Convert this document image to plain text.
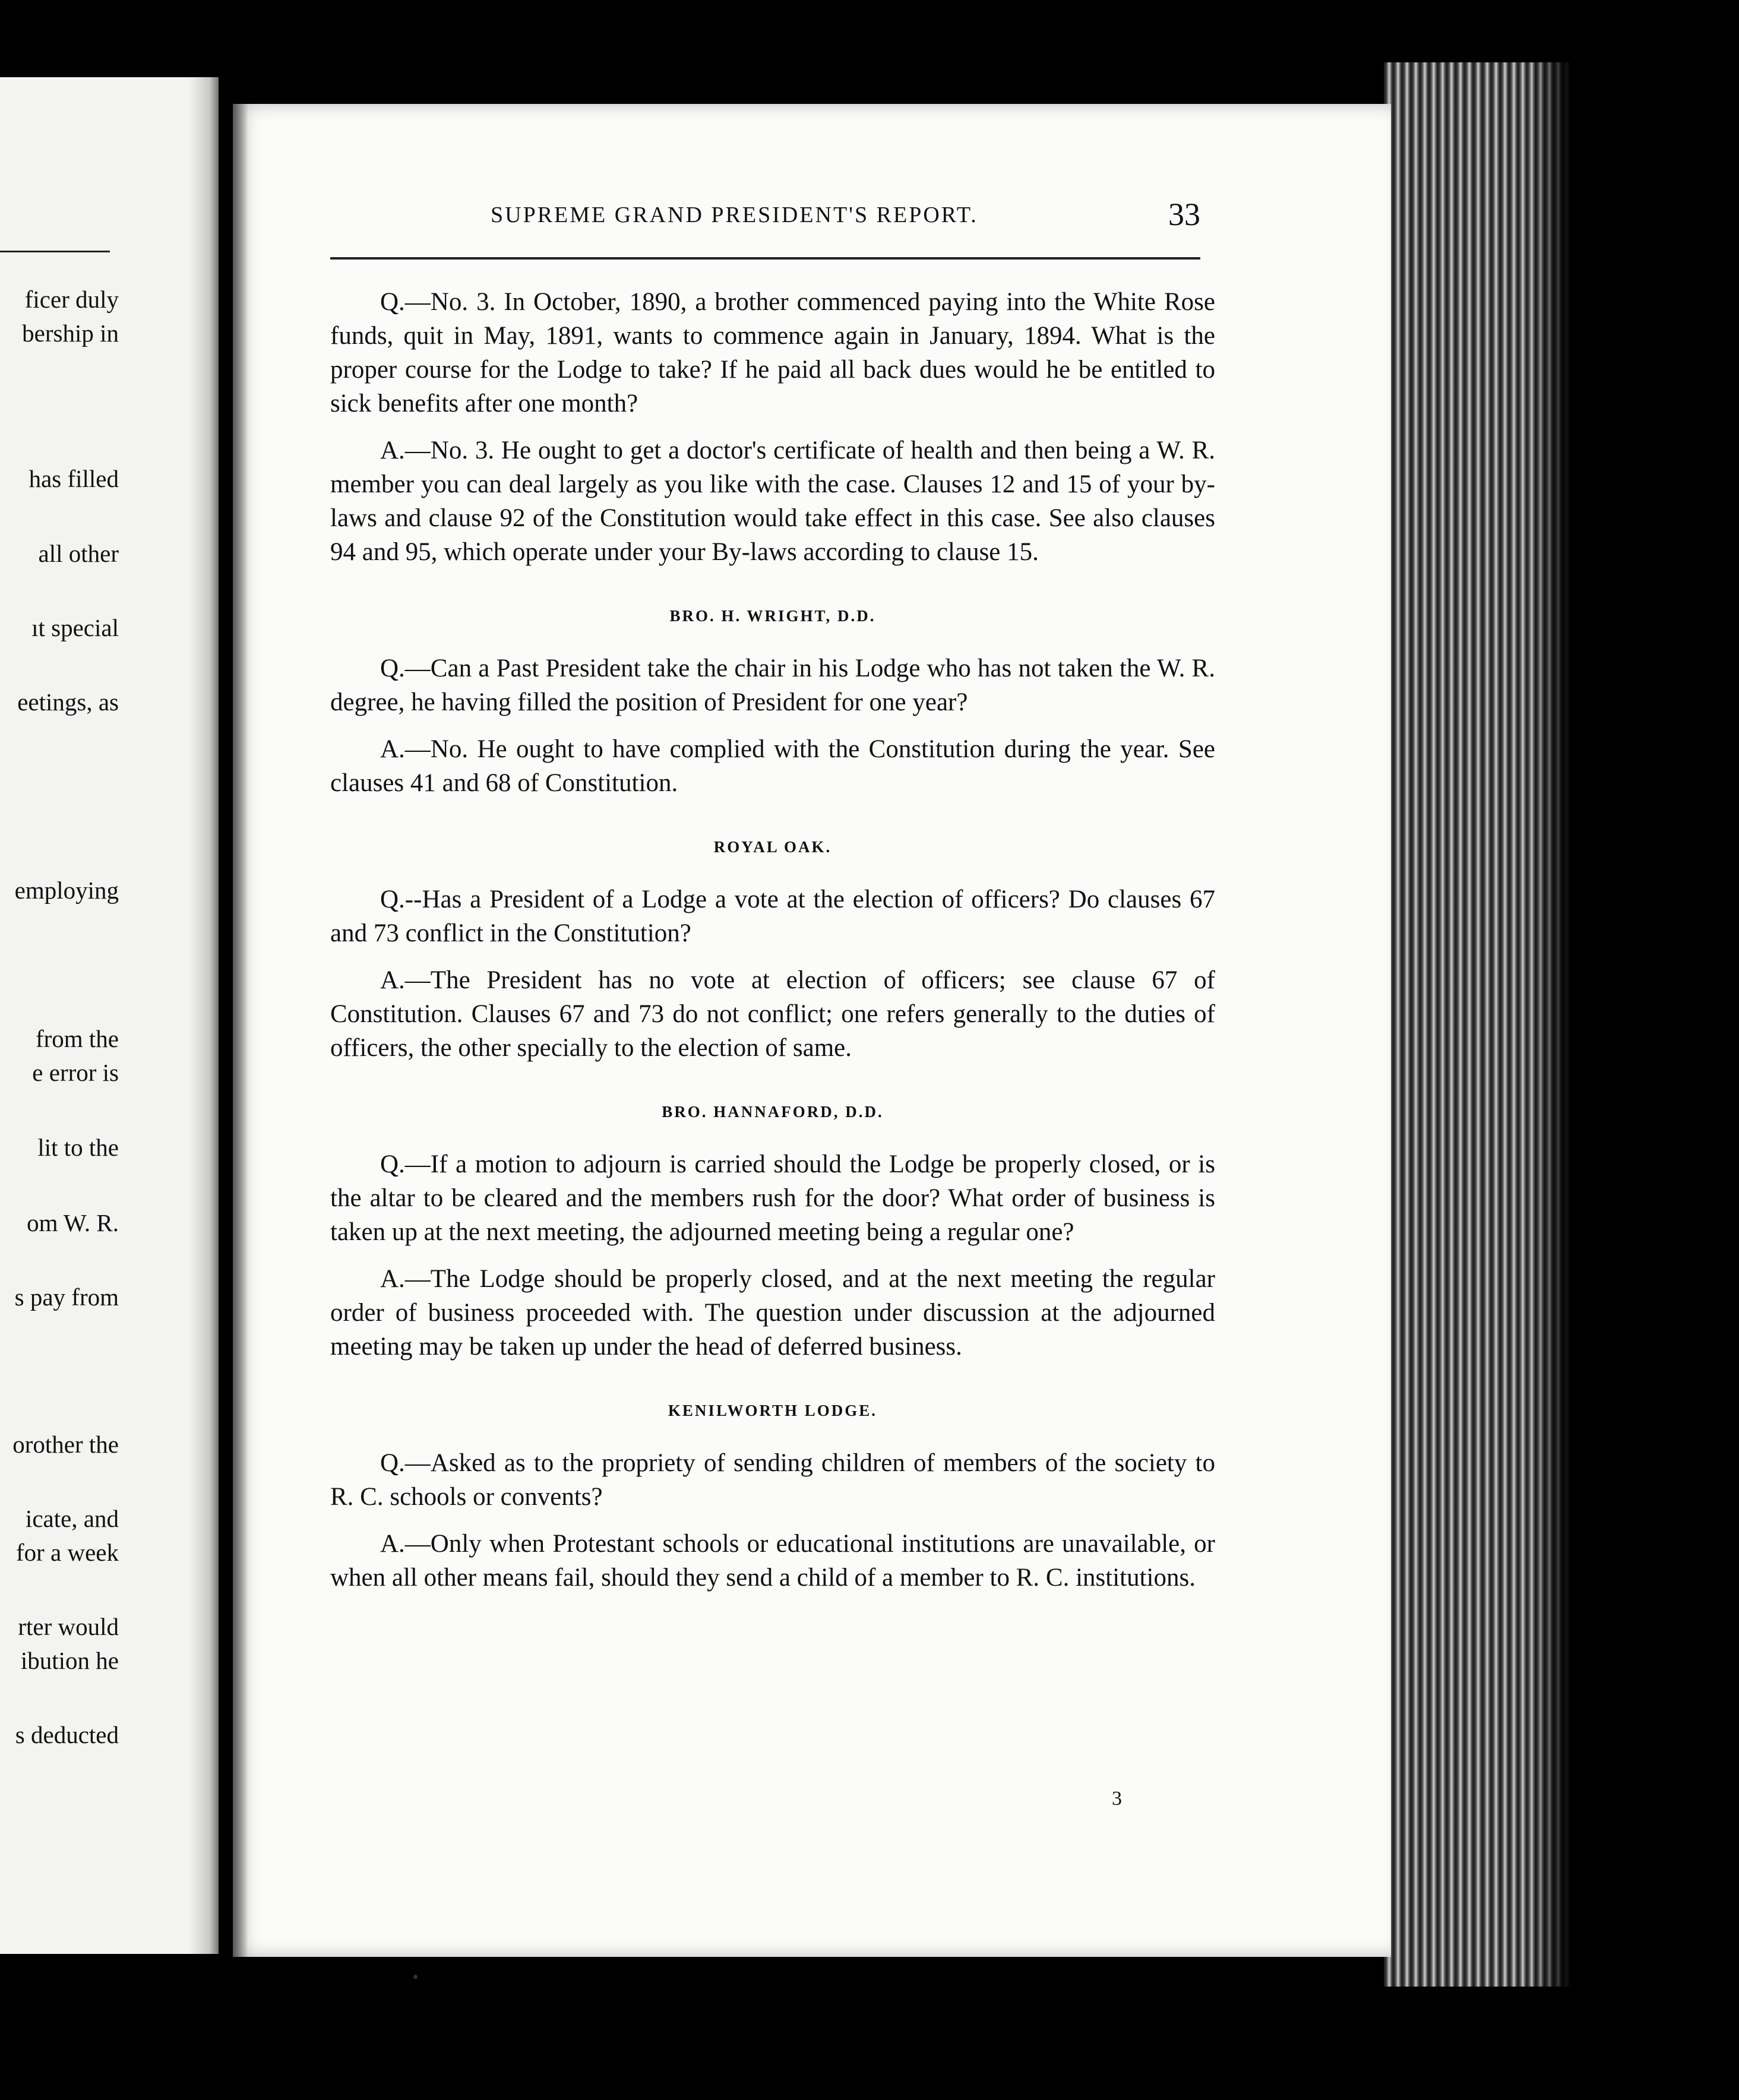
ficer duly
bership in
has filled
all other
ıt special
eetings, as
employing
from the
e error is
lit to the
om W. R.
s pay from
orother the
icate, and
for a week
rter would
ibution he
s deducted
SUPREME GRAND PRESIDENT'S REPORT.	33

Q.—No. 3. In October, 1890, a brother commenced paying into the White Rose funds, quit in May, 1891, wants to commence again in January, 1894. What is the proper course for the Lodge to take? If he paid all back dues would he be entitled to sick benefits after one month?

A.—No. 3. He ought to get a doctor's certificate of health and then being a W. R. member you can deal largely as you like with the case. Clauses 12 and 15 of your by-laws and clause 92 of the Constitution would take effect in this case. See also clauses 94 and 95, which operate under your By-laws according to clause 15.

BRO. H. WRIGHT, D.D.

Q.—Can a Past President take the chair in his Lodge who has not taken the W. R. degree, he having filled the position of President for one year?

A.—No. He ought to have complied with the Constitution during the year. See clauses 41 and 68 of Constitution.

ROYAL OAK.

Q.--Has a President of a Lodge a vote at the election of officers? Do clauses 67 and 73 conflict in the Constitution?

A.—The President has no vote at election of officers; see clause 67 of Constitution. Clauses 67 and 73 do not conflict; one refers generally to the duties of officers, the other specially to the election of same.

BRO. HANNAFORD, D.D.

Q.—If a motion to adjourn is carried should the Lodge be properly closed, or is the altar to be cleared and the members rush for the door? What order of business is taken up at the next meeting, the adjourned meeting being a regular one?

A.—The Lodge should be properly closed, and at the next meeting the regular order of business proceeded with. The question under discussion at the adjourned meeting may be taken up under the head of deferred business.

KENILWORTH LODGE.

Q.—Asked as to the propriety of sending children of members of the society to R. C. schools or convents?

A.—Only when Protestant schools or educational institutions are unavailable, or when all other means fail, should they send a child of a member to R. C. institutions.

3
